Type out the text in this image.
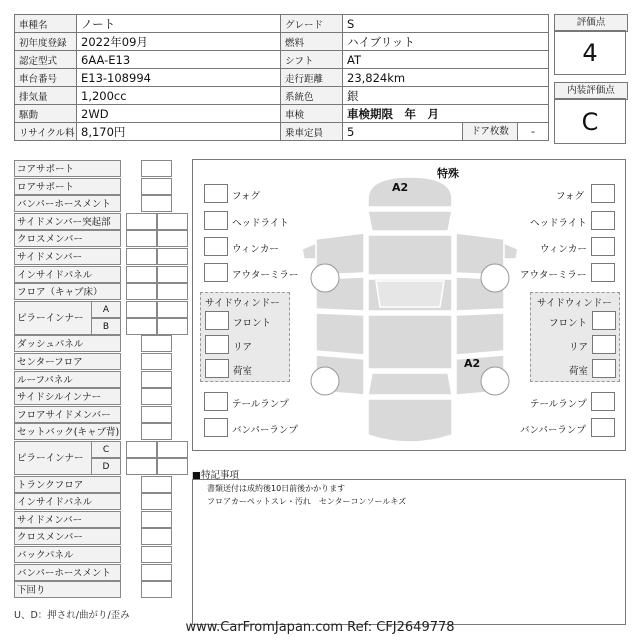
車種名	ノート	グレード	S	
初年度登録	2022年09月	燃料	ハイブリット	
認定型式	6AA-E13	シフト	AT	
車台番号	E13-108994	走行距離	23,824km	
排気量	1,200cc	系統色	銀	
駆動	2WD	車検	車検期限　年　月	
リサイクル料	8,170円	乗車定員	5	ドア枚数 -
評価点
4
内装評価点
C
コアサポート
ロアサポート
バンパーホースメント
サイドメンバー突起部
クロスメンバー
サイドメンバー
インサイドパネル
フロア（キャブ床）
ピラーインナー
A
B
ダッシュパネル
センターフロア
ルーフパネル
サイドシルインナー
フロアサイドメンバー
セットバック(キャブ背)
ピラーインナー
C
D
トランクフロア
インサイドパネル
サイドメンバー
クロスメンバー
バックパネル
バンパーホースメント
下回り
U、D：押され/曲がり/歪み
特殊
A2
A2
フォグ
ヘッドライト
ウィンカー
アウターミラー
フォグ
ヘッドライト
ウィンカー
アウターミラー
サイドウィンドー
フロント
リア
荷室
サイドウィンドー
フロント
リア
荷室
テールランプ
バンパーランプ
テールランプ
バンパーランプ
■特記事項
書類送付は成約後10日前後かかります
フロアカーペットスレ・汚れ　センターコンソールキズ
www.CarFromJapan.com Ref: CFJ2649778
